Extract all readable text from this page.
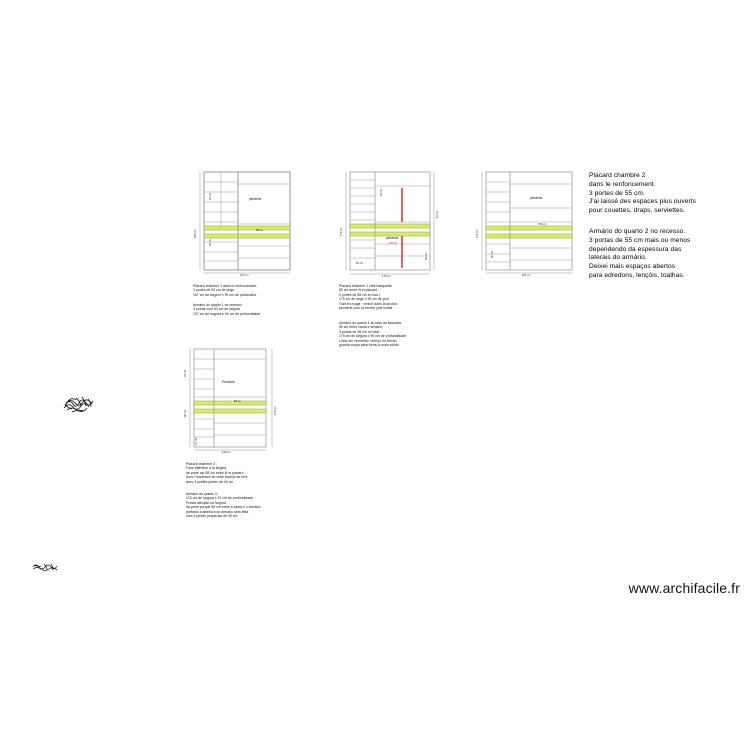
260 cm
20 cm
90 cm
50 cm
157 cm
penderie
175 cm
45 cm
87 cm
85 cm
50 cm
175 cm
penderie
+ 50 cm
270 cm
90 cm
155 cm
167 cm
penderie
25 cm
90 cm
37 cm
270 cm
96 cm
120 cm
Penderie
Placard chambre 1 dans le renfoncement.
3 portes de 53 cm de large
157 cm de largeur x 90 cm de profondeur
Armário do quarto 1 no recesso.
3 portas com 53 cm de largura
157 cm de largura e 90 cm de profundidade
Placard chambre 1 côté banquette
85 cm entre lit et placard .
3 portes de 58 cm en tout /
175 cm de large x 90 cm de prof
Trait en rouge : renfort dans la section
penderie pour la rendre plus solide
Armário do quarto 1 ao lado da bancada
85 cm entre cama e armário.
3 portas de 58 cm no total :
175 cm de largura x 90 cm de profundidade
Linha em vermelho: reforço no trecho
guarda-roupa para torná-lo mais sólido.
Placard chambre 2
dans le renfoncement.
3 portes de 55 cm.
J'ai laissé des espaces plus ouverts
pour couettes, draps, serviettes.
Armário do quarto 2 no recesso.
3 portas de 55 cm mais ou menos
dependendo da espessura das
laterais do armário.
Deixei mais espaços abertos
para edredons, lençóis, toalhas.
Placard chambre 3 :
Faire attention à la largeur
de porte car 85 cm entre lit et placard
donc l'ouverture de cette section se fera
avec 3 petites portes de 40 cm
Armário do quarto 3:
120 cm de largura x 37 cm de profundidade
Presta atenção na largura
da porta porque 85 cm entre a cama e o armário
portanto a abertura do armário será feita
com 3 portas pequenas de 40 cm
www.archifacile.fr
